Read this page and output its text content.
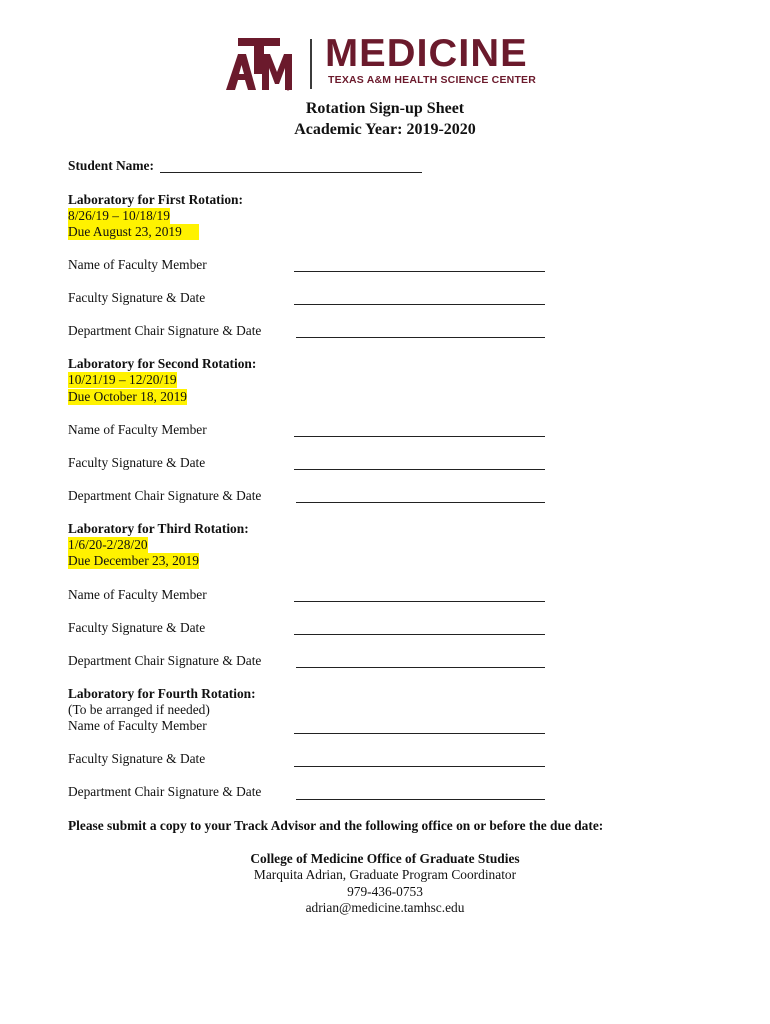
MEDICINE
TEXAS A&M HEALTH SCIENCE CENTER
Rotation Sign-up Sheet
Academic Year: 2019-2020
Student Name:
Laboratory for First Rotation:
8/26/19 – 10/18/19
Due August 23, 2019
Name of Faculty Member
Faculty Signature & Date
Department Chair Signature & Date
Laboratory for Second Rotation:
10/21/19 – 12/20/19
Due October 18, 2019
Name of Faculty Member
Faculty Signature & Date
Department Chair Signature & Date
Laboratory for Third Rotation:
1/6/20-2/28/20
Due December 23, 2019
Name of Faculty Member
Faculty Signature & Date
Department Chair Signature & Date
Laboratory for Fourth Rotation:
(To be arranged if needed)
Name of Faculty Member
Faculty Signature & Date
Department Chair Signature & Date
Please submit a copy to your Track Advisor and the following office on or before the due date:
College of Medicine Office of Graduate Studies
Marquita Adrian, Graduate Program Coordinator
979-436-0753
adrian@medicine.tamhsc.edu
